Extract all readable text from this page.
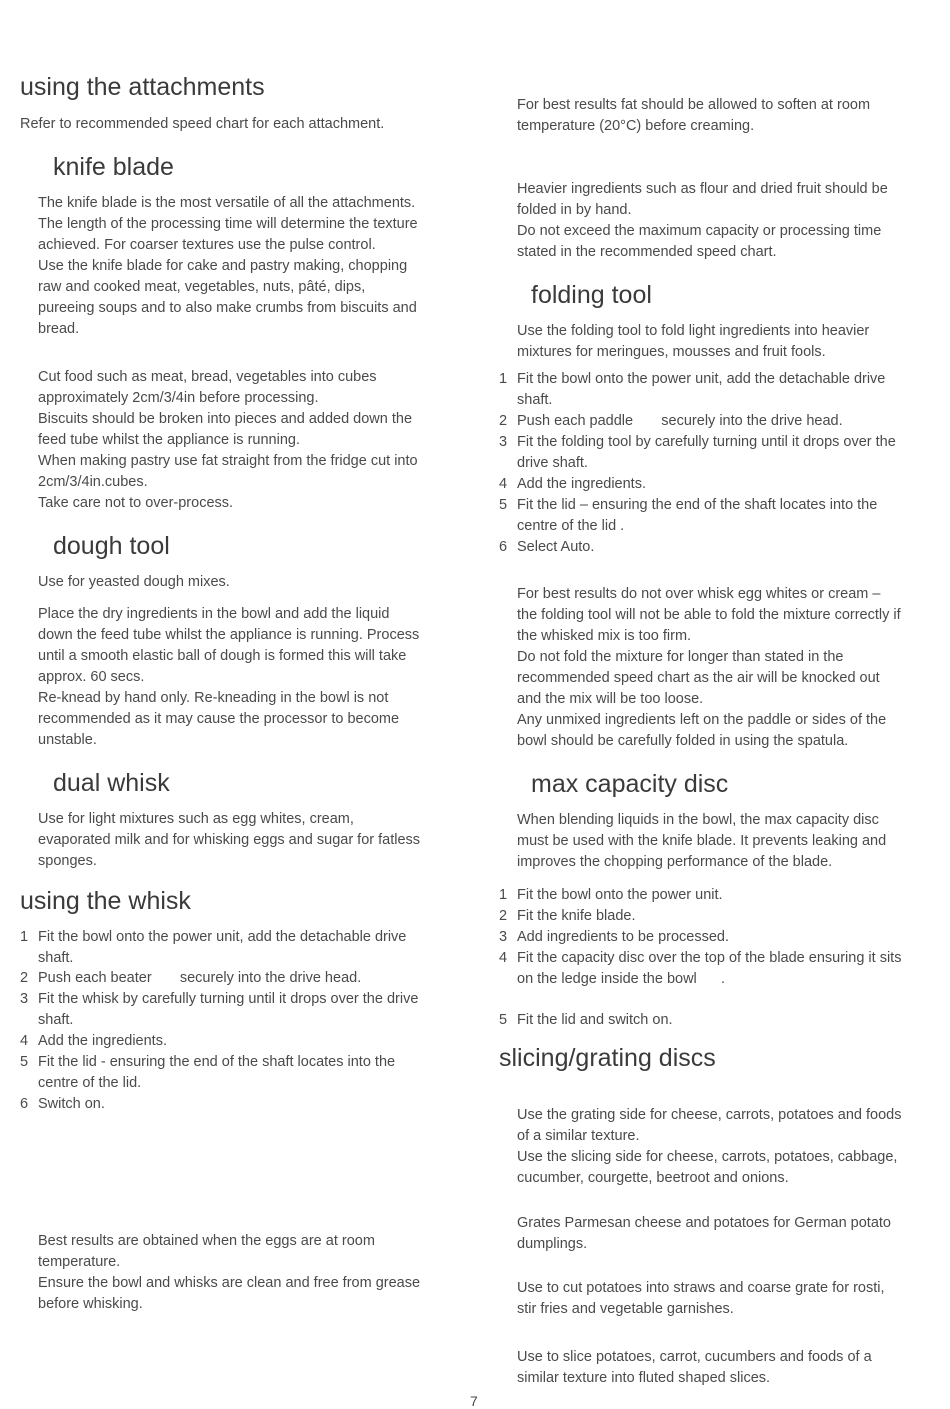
using the attachments
Refer to recommended speed chart for each attachment.
knife blade
The knife blade is the most versatile of all the attachments.
The length of the processing time will determine the texture
achieved. For coarser textures use the pulse control.
Use the knife blade for cake and pastry making, chopping
raw and cooked meat, vegetables, nuts, pâté, dips,
pureeing soups and to also make crumbs from biscuits and
bread.
Cut food such as meat, bread, vegetables into cubes
approximately 2cm/3/4in before processing.
Biscuits should be broken into pieces and added down the
feed tube whilst the appliance is running.
When making pastry use fat straight from the fridge cut into
2cm/3/4in.cubes.
Take care not to over-process.
dough tool
Use for yeasted dough mixes.
Place the dry ingredients in the bowl and add the liquid
down the feed tube whilst the appliance is running. Process
until a smooth elastic ball of dough is formed this will take
approx. 60 secs.
Re-knead by hand only. Re-kneading in the bowl is not
recommended as it may cause the processor to become
unstable.
dual whisk
Use for light mixtures such as egg whites, cream,
evaporated milk and for whisking eggs and sugar for fatless
sponges.
using the whisk
1 Fit the bowl onto the power unit, add the detachable drive
shaft.
2 Push each beater       securely into the drive head.
3 Fit the whisk by carefully turning until it drops over the drive
shaft.
4 Add the ingredients.
5 Fit the lid - ensuring the end of the shaft locates into the
centre of the lid.
6 Switch on.
Best results are obtained when the eggs are at room
temperature.
Ensure the bowl and whisks are clean and free from grease
before whisking.
For best results fat should be allowed to soften at room
temperature (20°C) before creaming.
Heavier ingredients such as flour and dried fruit should be
folded in by hand.
Do not exceed the maximum capacity or processing time
stated in the recommended speed chart.
folding tool
Use the folding tool to fold light ingredients into heavier
mixtures for meringues, mousses and fruit fools.
1 Fit the bowl onto the power unit, add the detachable drive
shaft.
2 Push each paddle       securely into the drive head.
3 Fit the folding tool by carefully turning until it drops over the
drive shaft.
4 Add the ingredients.
5 Fit the lid – ensuring the end of the shaft locates into the
centre of the lid .
6 Select Auto.
For best results do not over whisk egg whites or cream –
the folding tool will not be able to fold the mixture correctly if
the whisked mix is too firm.
Do not fold the mixture for longer than stated in the
recommended speed chart as the air will be knocked out
and the mix will be too loose.
Any unmixed ingredients left on the paddle or sides of the
bowl should be carefully folded in using the spatula.
max capacity disc
When blending liquids in the bowl, the max capacity disc
must be used with the knife blade. It prevents leaking and
improves the chopping performance of the blade.
1 Fit the bowl onto the power unit.
2 Fit the knife blade.
3 Add ingredients to be processed.
4 Fit the capacity disc over the top of the blade ensuring it sits
on the ledge inside the bowl      .
5 Fit the lid and switch on.
slicing/grating discs
Use the grating side for cheese, carrots, potatoes and foods
of a similar texture.
Use the slicing side for cheese, carrots, potatoes, cabbage,
cucumber, courgette, beetroot and onions.
Grates Parmesan cheese and potatoes for German potato
dumplings.
Use to cut potatoes into straws and coarse grate for rosti,
stir fries and vegetable garnishes.
Use to slice potatoes, carrot, cucumbers and foods of a
similar texture into fluted shaped slices.
7
